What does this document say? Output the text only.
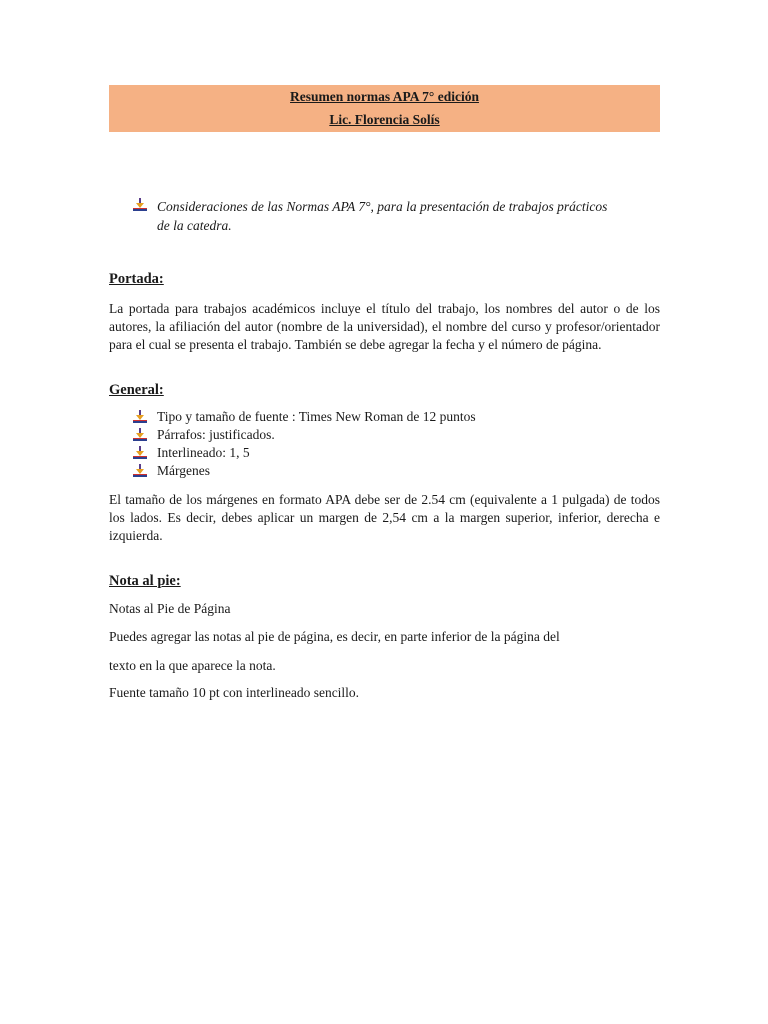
Resumen normas APA 7° edición
Lic. Florencia Solís
Consideraciones de las Normas APA 7°, para la presentación de trabajos prácticos de la catedra.
Portada:
La portada para trabajos académicos incluye el título del trabajo, los nombres del autor o de los autores, la afiliación del autor (nombre de la universidad), el nombre del curso y profesor/orientador para el cual se presenta el trabajo. También se debe agregar la fecha y el número de página.
General:
Tipo y tamaño de fuente : Times New Roman de 12 puntos
Párrafos: justificados.
Interlineado: 1, 5
Márgenes
El tamaño de los márgenes en formato APA debe ser de 2.54 cm (equivalente a 1 pulgada) de todos los lados. Es decir, debes aplicar un margen de 2,54 cm a la margen superior, inferior, derecha e izquierda.
Nota al pie:
Notas al Pie de Página
Puedes agregar las notas al pie de página, es decir, en parte inferior de la página del
texto en la que aparece la nota.
Fuente tamaño 10 pt con interlineado sencillo.
